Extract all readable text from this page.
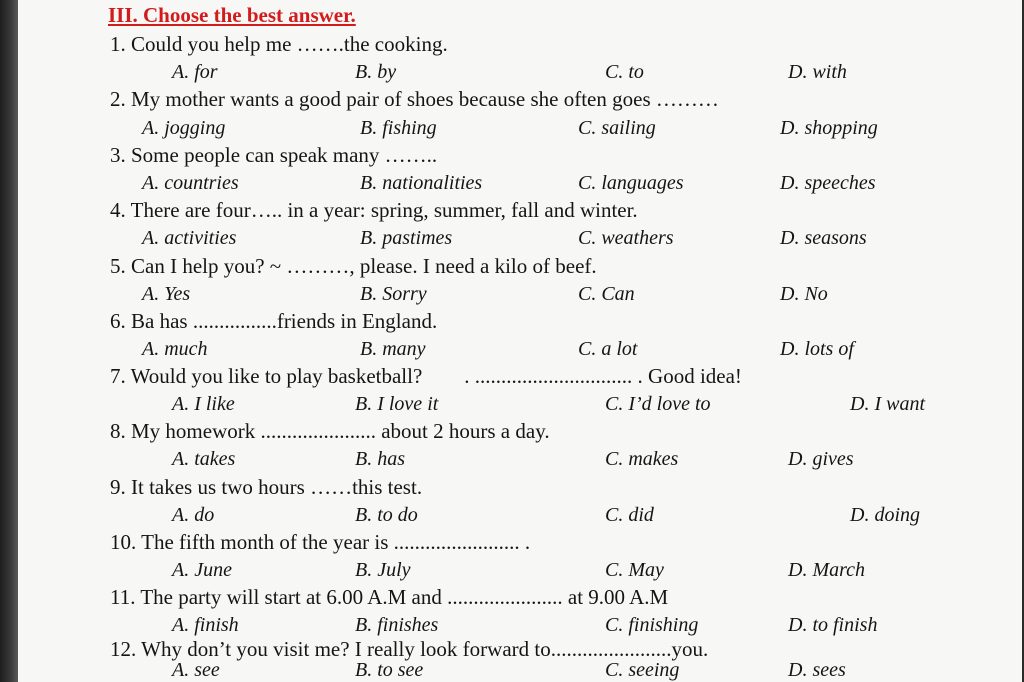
III. Choose the best answer.
1. Could you help me …….the cooking.
A. for	B. by	C. to	D. with
2. My mother wants a good pair of shoes because she often goes ………
A. jogging	B. fishing	C. sailing	D. shopping
3. Some people can speak many ……..
A. countries	B. nationalities	C. languages	D. speeches
4. There are four….. in a year: spring, summer, fall and winter.
A. activities	B. pastimes	C. weathers	D. seasons
5. Can I help you? ~ ………, please. I need a kilo of beef.
A. Yes	B. Sorry	C. Can	D. No
6. Ba has ................friends in England.
A. much	B. many	C. a lot	D. lots of
7. Would you like to play basketball?        . .............................. . Good idea!
A. I like	B. I love it	C. I’d love to	D. I want
8. My homework ...................... about 2 hours a day.
A. takes	B. has	C. makes	D. gives
9. It takes us two hours ……this test.
A. do	B. to do	C. did	D. doing
10. The fifth month of the year is ........................ .
A. June	B. July	C. May	D. March
11. The party will start at 6.00 A.M and ...................... at 9.00 A.M
A. finish	B. finishes	C. finishing	D. to finish
12. Why don’t you visit me? I really look forward to.......................you.
A. see	B. to see	C. seeing	D. sees
